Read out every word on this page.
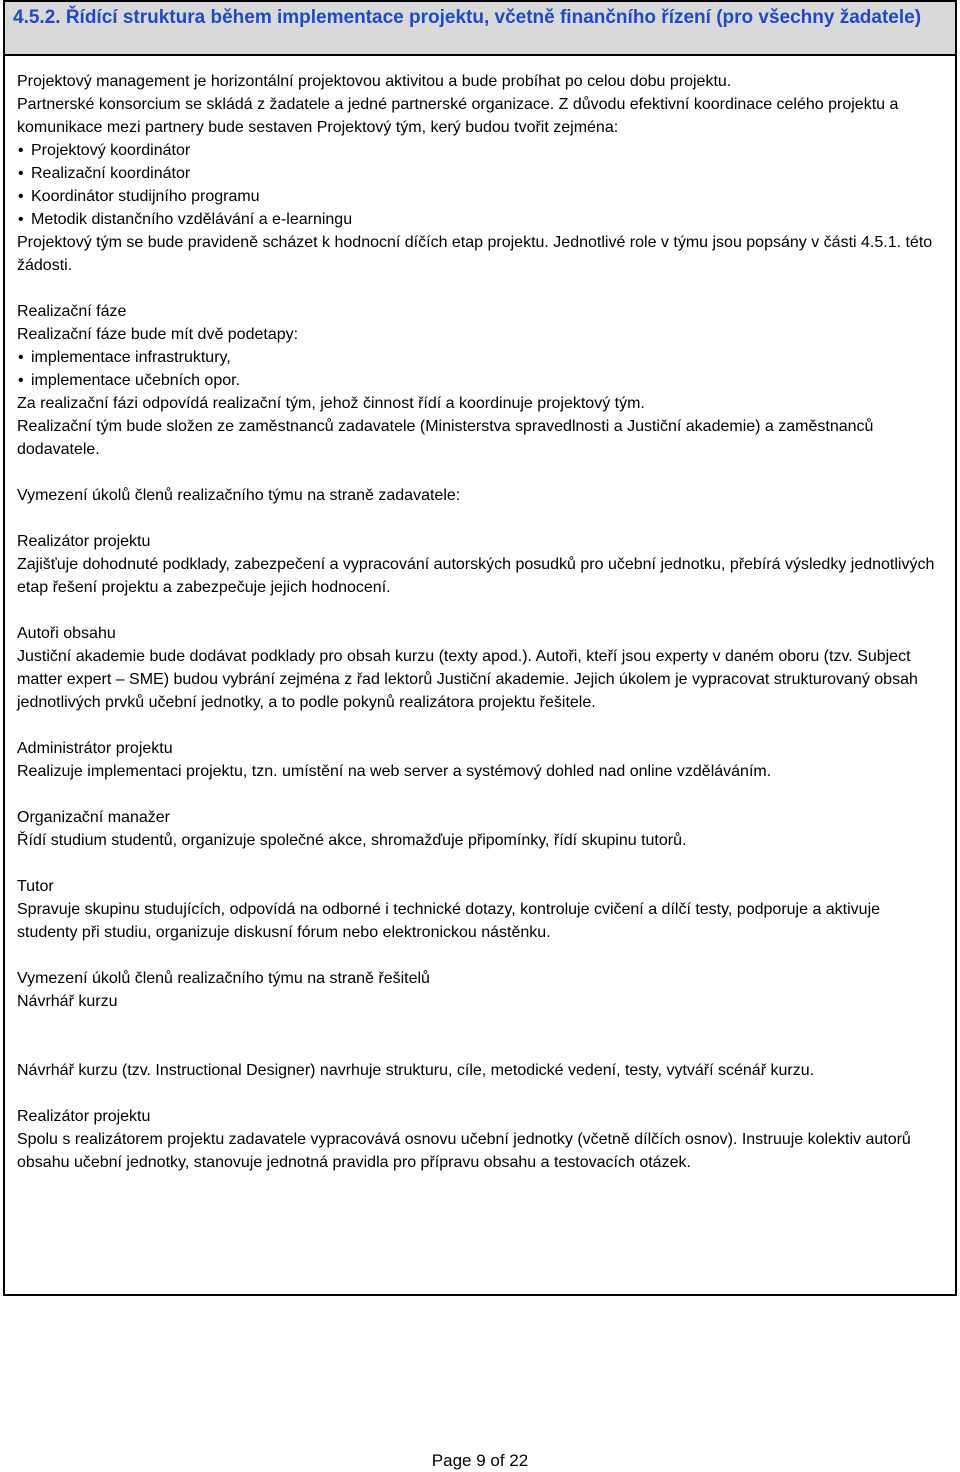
4.5.2. Řídící struktura během implementace projektu, včetně finančního řízení (pro všechny žadatele)

Projektový management je horizontální projektovou aktivitou a bude probíhat po celou dobu projektu.

Partnerské konsorcium se skládá z žadatele a jedné partnerské organizace. Z důvodu efektivní koordinace celého projektu a komunikace mezi partnery bude sestaven Projektový tým, kerý budou tvořit zejména:

• Projektový koordinátor
• Realizační koordinátor
• Koordinátor studijního programu
• Metodik distančního vzdělávání a e-learningu

Projektový tým se bude pravideně scházet k hodnocní díčích etap projektu. Jednotlivé role v týmu jsou popsány v části 4.5.1. této žádosti.

Realizační fáze

Realizační fáze bude mít dvě podetapy:

• implementace infrastruktury,
• implementace učebních opor.

Za realizační fázi odpovídá realizační tým, jehož činnost řídí a koordinuje projektový tým.

Realizační tým bude složen ze zaměstnanců zadavatele (Ministerstva spravedlnosti a Justiční akademie) a zaměstnanců dodavatele.

Vymezení úkolů členů realizačního týmu na straně zadavatele:

Realizátor projektu

Zajišťuje dohodnuté podklady, zabezpečení a vypracování autorských posudků pro učební jednotku, přebírá výsledky jednotlivých etap řešení projektu a zabezpečuje jejich hodnocení.

Autoři obsahu

Justiční akademie bude dodávat podklady pro obsah kurzu (texty apod.). Autoři, kteří jsou experty v daném oboru (tzv. Subject matter expert – SME) budou vybrání zejména z řad lektorů Justiční akademie. Jejich úkolem je vypracovat strukturovaný obsah jednotlivých prvků učební jednotky, a to podle pokynů realizátora projektu řešitele.

Administrátor projektu

Realizuje implementaci projektu, tzn. umístění na web server a systémový dohled nad online vzděláváním.

Organizační manažer

Řídí studium studentů, organizuje společné akce, shromažďuje připomínky, řídí skupinu tutorů.

Tutor

Spravuje skupinu studujících, odpovídá na odborné i technické dotazy, kontroluje cvičení a dílčí testy, podporuje a aktivuje studenty při studiu, organizuje diskusní fórum nebo elektronickou nástěnku.

Vymezení úkolů členů realizačního týmu na straně řešitelů

Návrhář kurzu

Návrhář kurzu (tzv. Instructional Designer) navrhuje strukturu, cíle, metodické vedení, testy, vytváří scénář kurzu.

Realizátor projektu

Spolu s realizátorem projektu zadavatele vypracovává osnovu učební jednotky (včetně dílčích osnov). Instruuje kolektiv autorů obsahu učební jednotky, stanovuje jednotná pravidla pro přípravu obsahu a testovacích otázek.

Page 9 of 22
